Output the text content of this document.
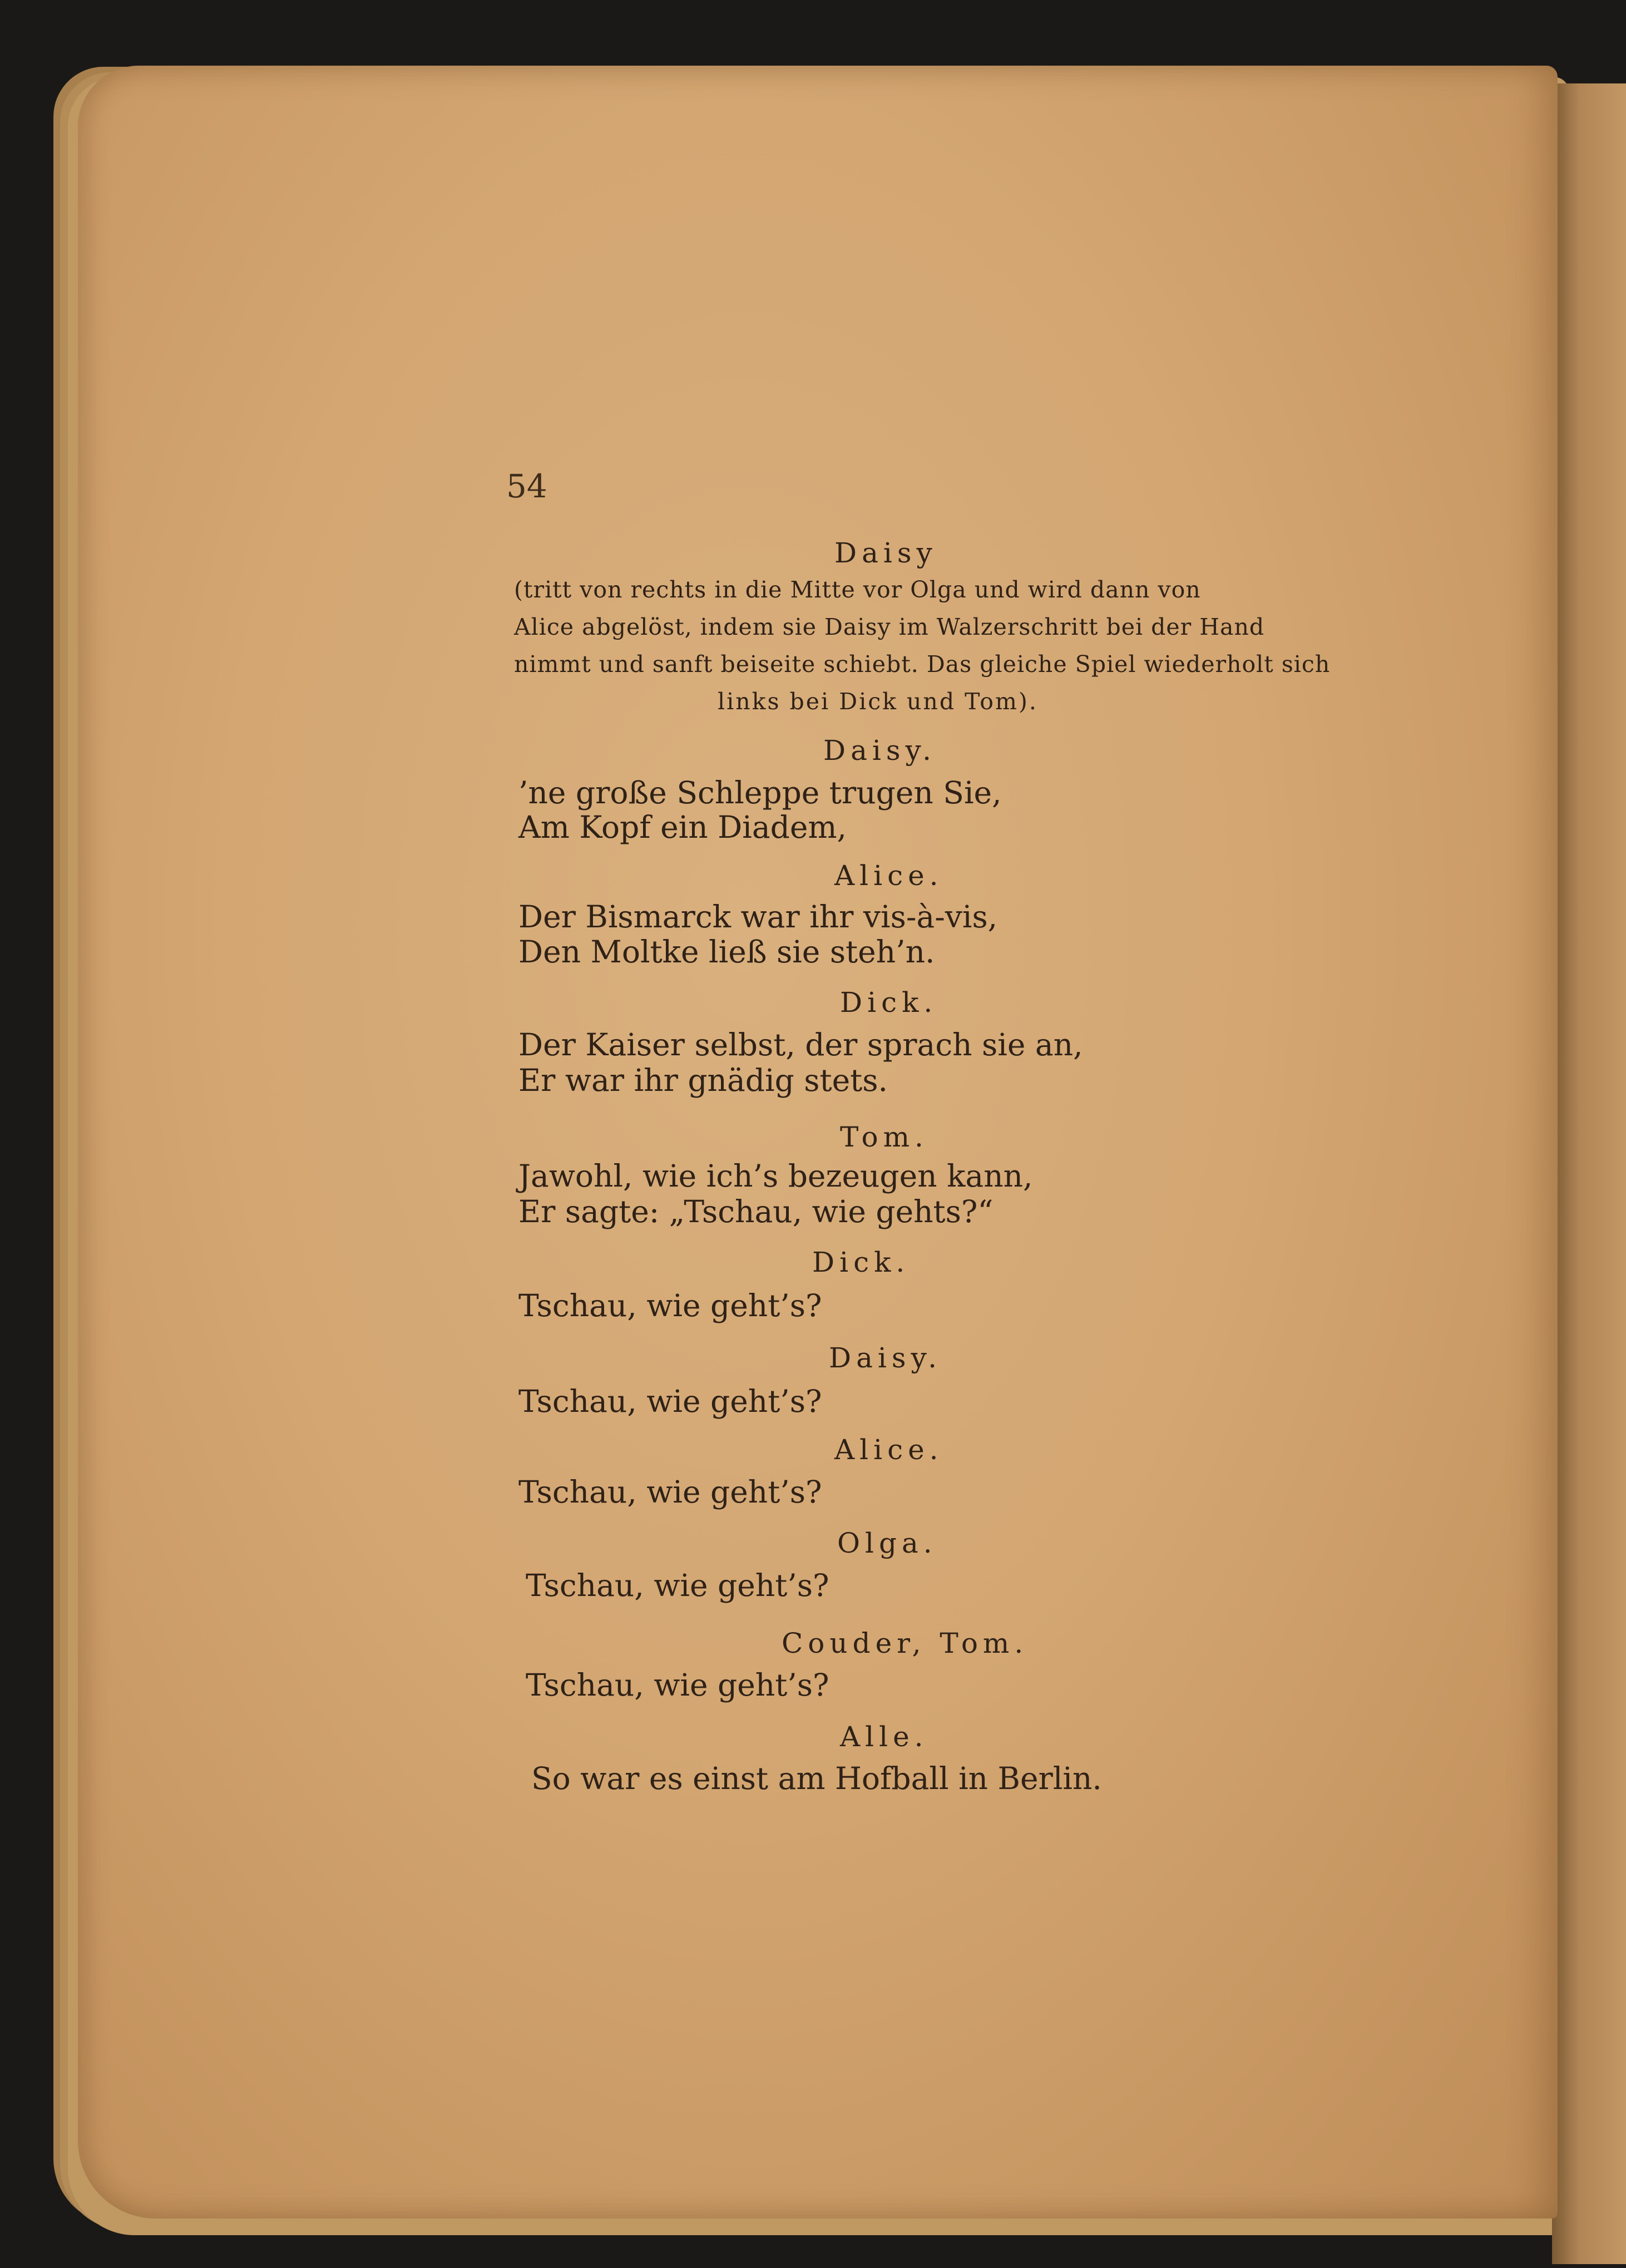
54
Daisy
(tritt von rechts in die Mitte vor Olga und wird dann von
Alice abgelöst, indem sie Daisy im Walzerschritt bei der Hand
nimmt und sanft beiseite schiebt. Das gleiche Spiel wiederholt sich
links bei Dick und Tom).
Daisy.
’ne große Schleppe trugen Sie,
Am Kopf ein Diadem,
Alice.
Der Bismarck war ihr vis-à-vis,
Den Moltke ließ sie steh’n.
Dick.
Der Kaiser selbst, der sprach sie an,
Er war ihr gnädig stets.
Tom.
Jawohl, wie ich’s bezeugen kann,
Er sagte: „Tschau, wie gehts?“
Dick.
Tschau, wie geht’s?
Daisy.
Tschau, wie geht’s?
Alice.
Tschau, wie geht’s?
Olga.
Tschau, wie geht’s?
Couder, Tom.
Tschau, wie geht’s?
Alle.
So war es einst am Hofball in Berlin.
